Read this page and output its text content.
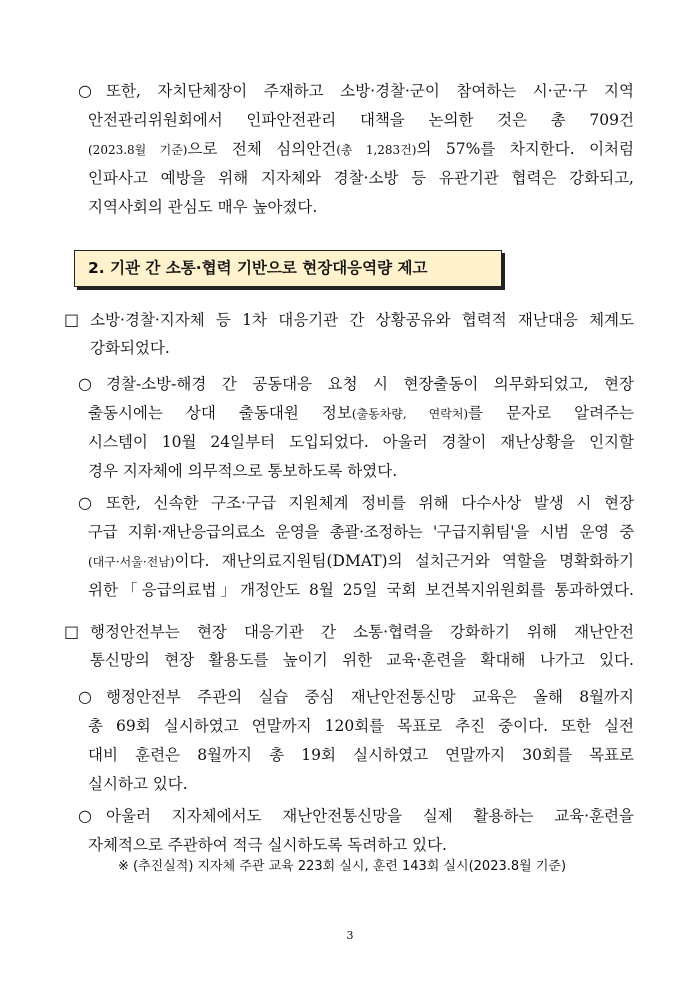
○ 또한, 자치단체장이 주재하고 소방·경찰·군이 참여하는 시·군·구 지역
안전관리위원회에서 인파안전관리 대책을 논의한 것은 총 709건
(2023.8월 기준)으로 전체 심의안건(총 1,283건)의 57%를 차지한다. 이처럼
인파사고 예방을 위해 지자체와 경찰·소방 등 유관기관 협력은 강화되고,
지역사회의 관심도 매우 높아졌다.
2. 기관 간 소통·협력 기반으로 현장대응역량 제고
□ 소방·경찰·지자체 등 1차 대응기관 간 상황공유와 협력적 재난대응 체계도
강화되었다.
○ 경찰-소방-해경 간 공동대응 요청 시 현장출동이 의무화되었고, 현장
출동시에는 상대 출동대원 정보(출동차량, 연락처)를 문자로 알려주는
시스템이 10월 24일부터 도입되었다. 아울러 경찰이 재난상황을 인지할
경우 지자체에 의무적으로 통보하도록 하였다.
○ 또한, 신속한 구조·구급 지원체계 정비를 위해 다수사상 발생 시 현장
구급 지휘·재난응급의료소 운영을 총괄·조정하는 '구급지휘팀'을 시범 운영 중
(대구·서울·전남)이다. 재난의료지원팀(DMAT)의 설치근거와 역할을 명확화하기
위한「응급의료법」개정안도 8월 25일 국회 보건복지위원회를 통과하였다.
□ 행정안전부는 현장 대응기관 간 소통·협력을 강화하기 위해 재난안전
통신망의 현장 활용도를 높이기 위한 교육·훈련을 확대해 나가고 있다.
○ 행정안전부 주관의 실습 중심 재난안전통신망 교육은 올해 8월까지
총 69회 실시하였고 연말까지 120회를 목표로 추진 중이다. 또한 실전
대비 훈련은 8월까지 총 19회 실시하였고 연말까지 30회를 목표로
실시하고 있다.
○ 아울러 지자체에서도 재난안전통신망을 실제 활용하는 교육·훈련을
자체적으로 주관하여 적극 실시하도록 독려하고 있다.
※ (추진실적) 지자체 주관 교육 223회 실시, 훈련 143회 실시(2023.8월 기준)
3
